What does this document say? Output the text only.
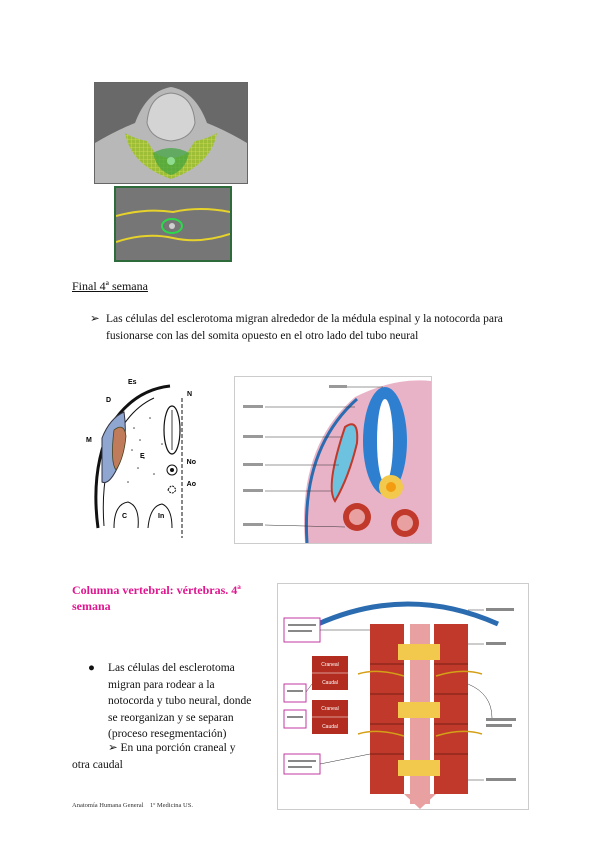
Final 4ª semana
➢ Las células del esclerotoma migran alrededor de la médula espinal y la notocorda para fusionarse con las del somita opuesto en el otro lado del tubo neural
Es
D
N
M
E
No
Ao
C	In
Columna vertebral: vértebras. 4ª semana
●	Las células del esclerotoma
migran para rodear a la
notocorda y tubo neural, donde
se reorganizan y se separan
(proceso resegmentación)
➢ En una porción craneal y
otra caudal
Craneal
Caudal
Craneal
Caudal
Anatomía Humana General    1º Medicina US.
